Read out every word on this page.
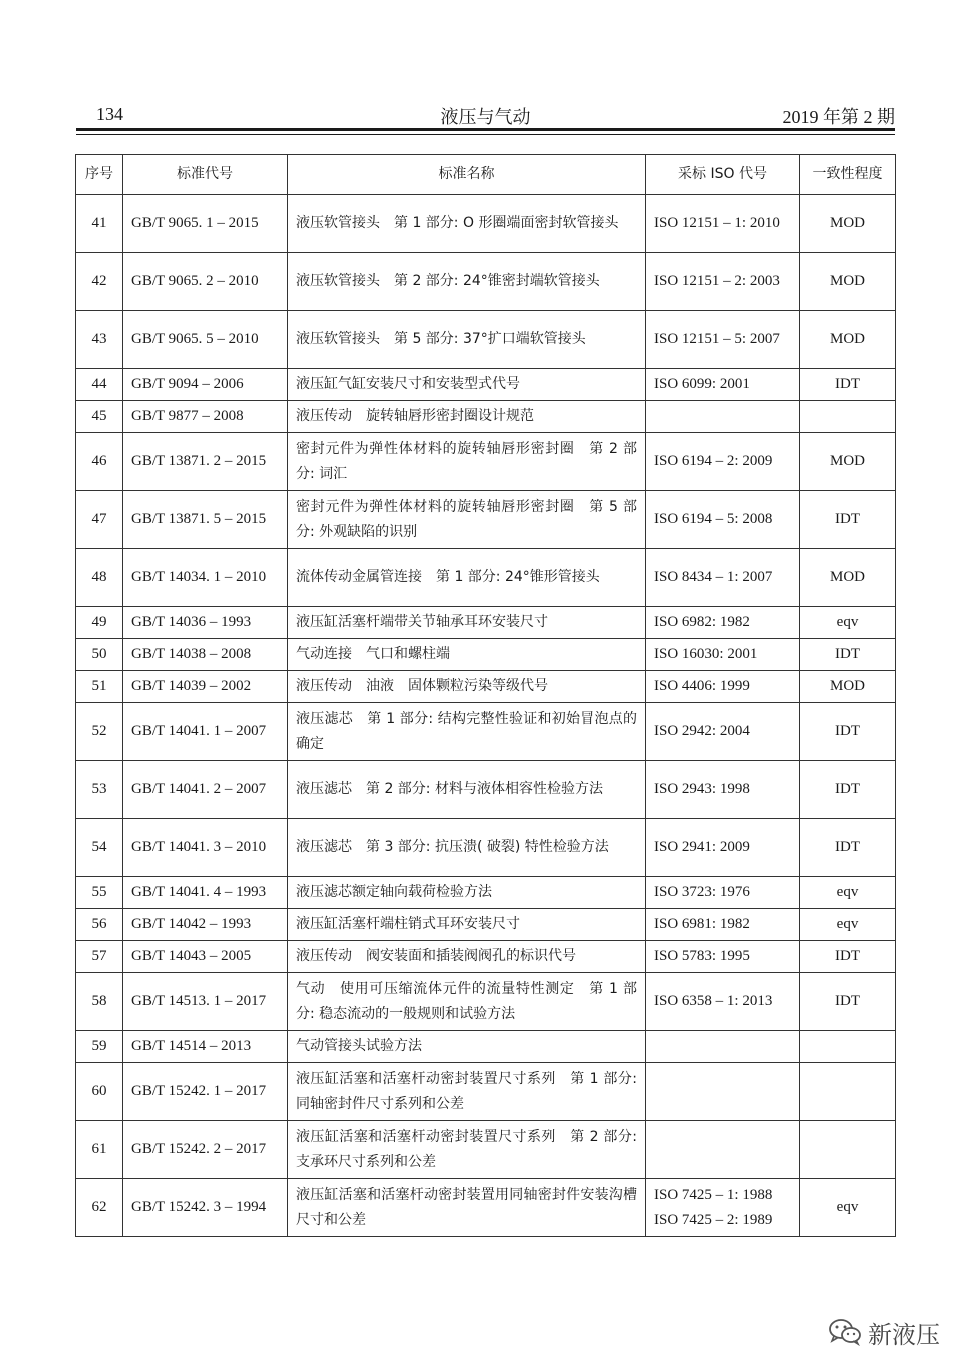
134	液压与气动	2019 年第 2 期
序号	标准代号	标准名称	采标 ISO 代号	一致性程度
41	GB/T 9065. 1 – 2015	液压软管接头　第 1 部分: O 形圈端面密封软管接头	ISO 12151 – 1: 2010	MOD
42	GB/T 9065. 2 – 2010	液压软管接头　第 2 部分: 24°锥密封端软管接头	ISO 12151 – 2: 2003	MOD
43	GB/T 9065. 5 – 2010	液压软管接头　第 5 部分: 37°扩口端软管接头	ISO 12151 – 5: 2007	MOD
44	GB/T 9094 – 2006	液压缸气缸安装尺寸和安装型式代号	ISO 6099: 2001	IDT
45	GB/T 9877 – 2008	液压传动　旋转轴唇形密封圈设计规范		
46	GB/T 13871. 2 – 2015	密封元件为弹性体材料的旋转轴唇形密封圈　第 2 部分: 词汇	ISO 6194 – 2: 2009	MOD
47	GB/T 13871. 5 – 2015	密封元件为弹性体材料的旋转轴唇形密封圈　第 5 部分: 外观缺陷的识别	ISO 6194 – 5: 2008	IDT
48	GB/T 14034. 1 – 2010	流体传动金属管连接　第 1 部分: 24°锥形管接头	ISO 8434 – 1: 2007	MOD
49	GB/T 14036 – 1993	液压缸活塞杆端带关节轴承耳环安装尺寸	ISO 6982: 1982	eqv
50	GB/T 14038 – 2008	气动连接　气口和螺柱端	ISO 16030: 2001	IDT
51	GB/T 14039 – 2002	液压传动　油液　固体颗粒污染等级代号	ISO 4406: 1999	MOD
52	GB/T 14041. 1 – 2007	液压滤芯　第 1 部分: 结构完整性验证和初始冒泡点的确定	ISO 2942: 2004	IDT
53	GB/T 14041. 2 – 2007	液压滤芯　第 2 部分: 材料与液体相容性检验方法	ISO 2943: 1998	IDT
54	GB/T 14041. 3 – 2010	液压滤芯　第 3 部分: 抗压溃( 破裂) 特性检验方法	ISO 2941: 2009	IDT
55	GB/T 14041. 4 – 1993	液压滤芯额定轴向载荷检验方法	ISO 3723: 1976	eqv
56	GB/T 14042 – 1993	液压缸活塞杆端柱销式耳环安装尺寸	ISO 6981: 1982	eqv
57	GB/T 14043 – 2005	液压传动　阀安装面和插装阀阀孔的标识代号	ISO 5783: 1995	IDT
58	GB/T 14513. 1 – 2017	气动　使用可压缩流体元件的流量特性测定　第 1 部分: 稳态流动的一般规则和试验方法	ISO 6358 – 1: 2013	IDT
59	GB/T 14514 – 2013	气动管接头试验方法		
60	GB/T 15242. 1 – 2017	液压缸活塞和活塞杆动密封装置尺寸系列　第 1 部分: 同轴密封件尺寸系列和公差		
61	GB/T 15242. 2 – 2017	液压缸活塞和活塞杆动密封装置尺寸系列　第 2 部分: 支承环尺寸系列和公差		
62	GB/T 15242. 3 – 1994	液压缸活塞和活塞杆动密封装置用同轴密封件安装沟槽尺寸和公差	ISO 7425 – 1: 1988
ISO 7425 – 2: 1989	eqv
新液压
